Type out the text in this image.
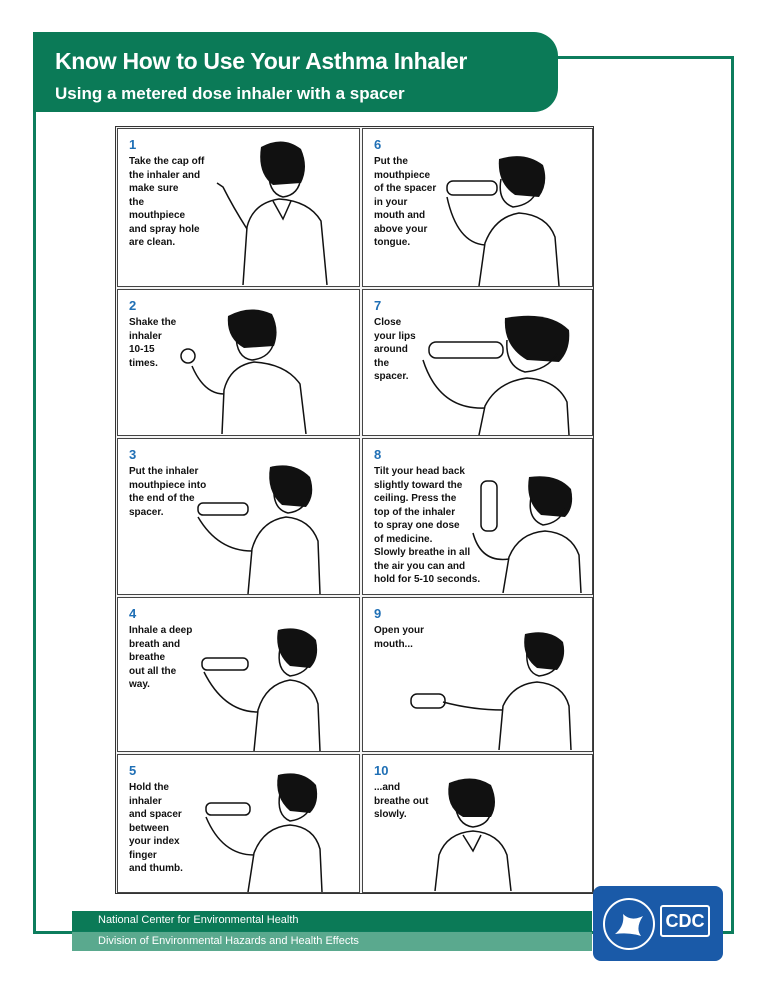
Know How to Use Your Asthma Inhaler
Using a metered dose inhaler with a spacer
1
Take the cap off
the inhaler and
make sure
the
mouthpiece
and spray hole
are clean.
2
Shake the
inhaler
10-15
times.
3
Put the inhaler
mouthpiece into
the end of the
spacer.
4
Inhale a deep
breath and
breathe
out all the
way.
5
Hold the
inhaler
and spacer
between
your index
finger
and thumb.
6
Put the
mouthpiece
of the spacer
in your
mouth and
above your
tongue.
7
Close
your lips
around
the
spacer.
8
Tilt your head back
slightly toward the
ceiling. Press the
top of the inhaler
to spray one dose
of medicine.
Slowly breathe in all
the air you can and
hold for 5-10 seconds.
9
Open your
mouth...
10
...and
breathe out
slowly.
National Center for Environmental Health
Division of Environmental Hazards and Health Effects
CDC
